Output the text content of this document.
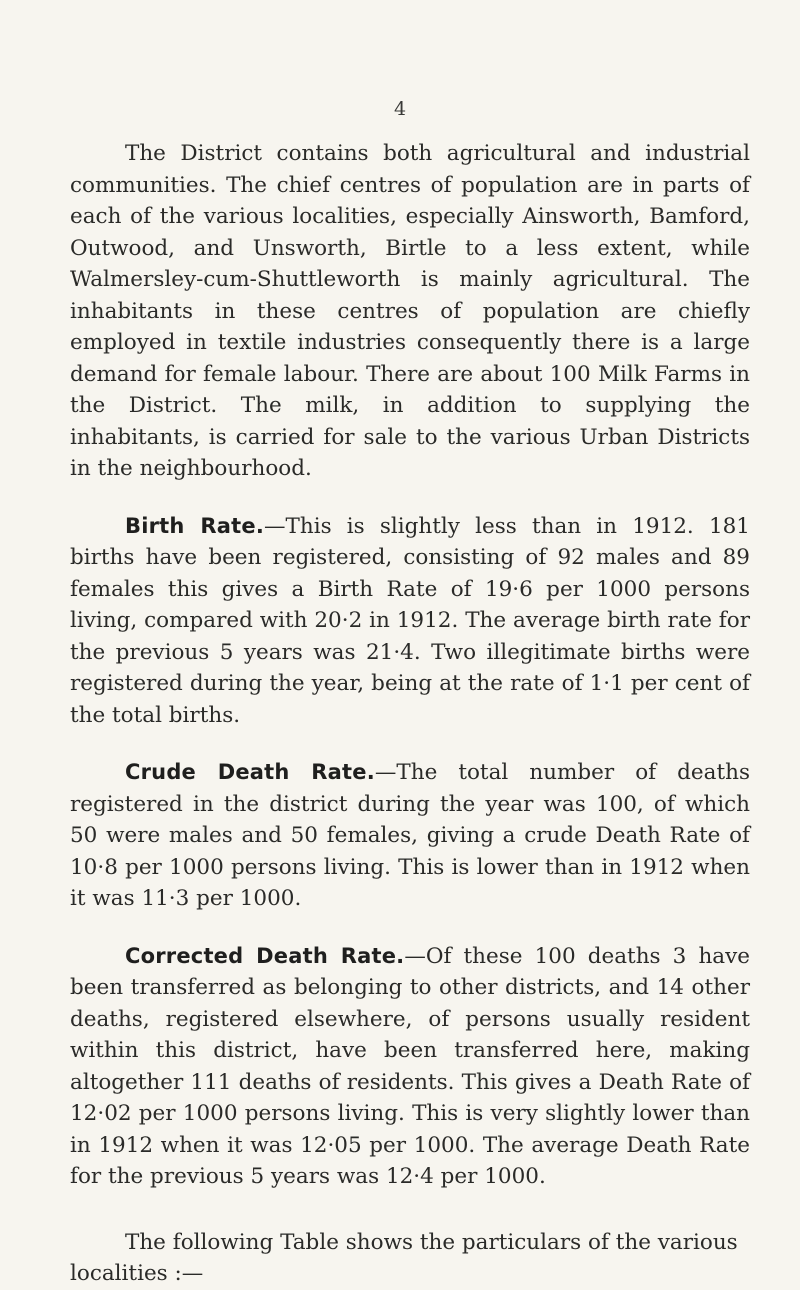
4

The District contains both agricultural and industrial communities. The chief centres of population are in parts of each of the various localities, especially Ainsworth, Bamford, Outwood, and Unsworth, Birtle to a less extent, while Walmersley-cum-Shuttleworth is mainly agricultural. The inhabitants in these centres of population are chiefly employed in textile industries consequently there is a large demand for female labour. There are about 100 Milk Farms in the District. The milk, in addition to supplying the inhabitants, is carried for sale to the various Urban Districts in the neighbourhood.

Birth Rate.—This is slightly less than in 1912. 181 births have been registered, consisting of 92 males and 89 females this gives a Birth Rate of 19·6 per 1000 persons living, compared with 20·2 in 1912. The average birth rate for the previous 5 years was 21·4. Two illegitimate births were registered during the year, being at the rate of 1·1 per cent of the total births.

Crude Death Rate.—The total number of deaths registered in the district during the year was 100, of which 50 were males and 50 females, giving a crude Death Rate of 10·8 per 1000 persons living. This is lower than in 1912 when it was 11·3 per 1000.

Corrected Death Rate.—Of these 100 deaths 3 have been transferred as belonging to other districts, and 14 other deaths, registered elsewhere, of persons usually resident within this district, have been transferred here, making altogether 111 deaths of residents. This gives a Death Rate of 12·02 per 1000 persons living. This is very slightly lower than in 1912 when it was 12·05 per 1000. The average Death Rate for the previous 5 years was 12·4 per 1000.

The following Table shows the particulars of the various localities :—
